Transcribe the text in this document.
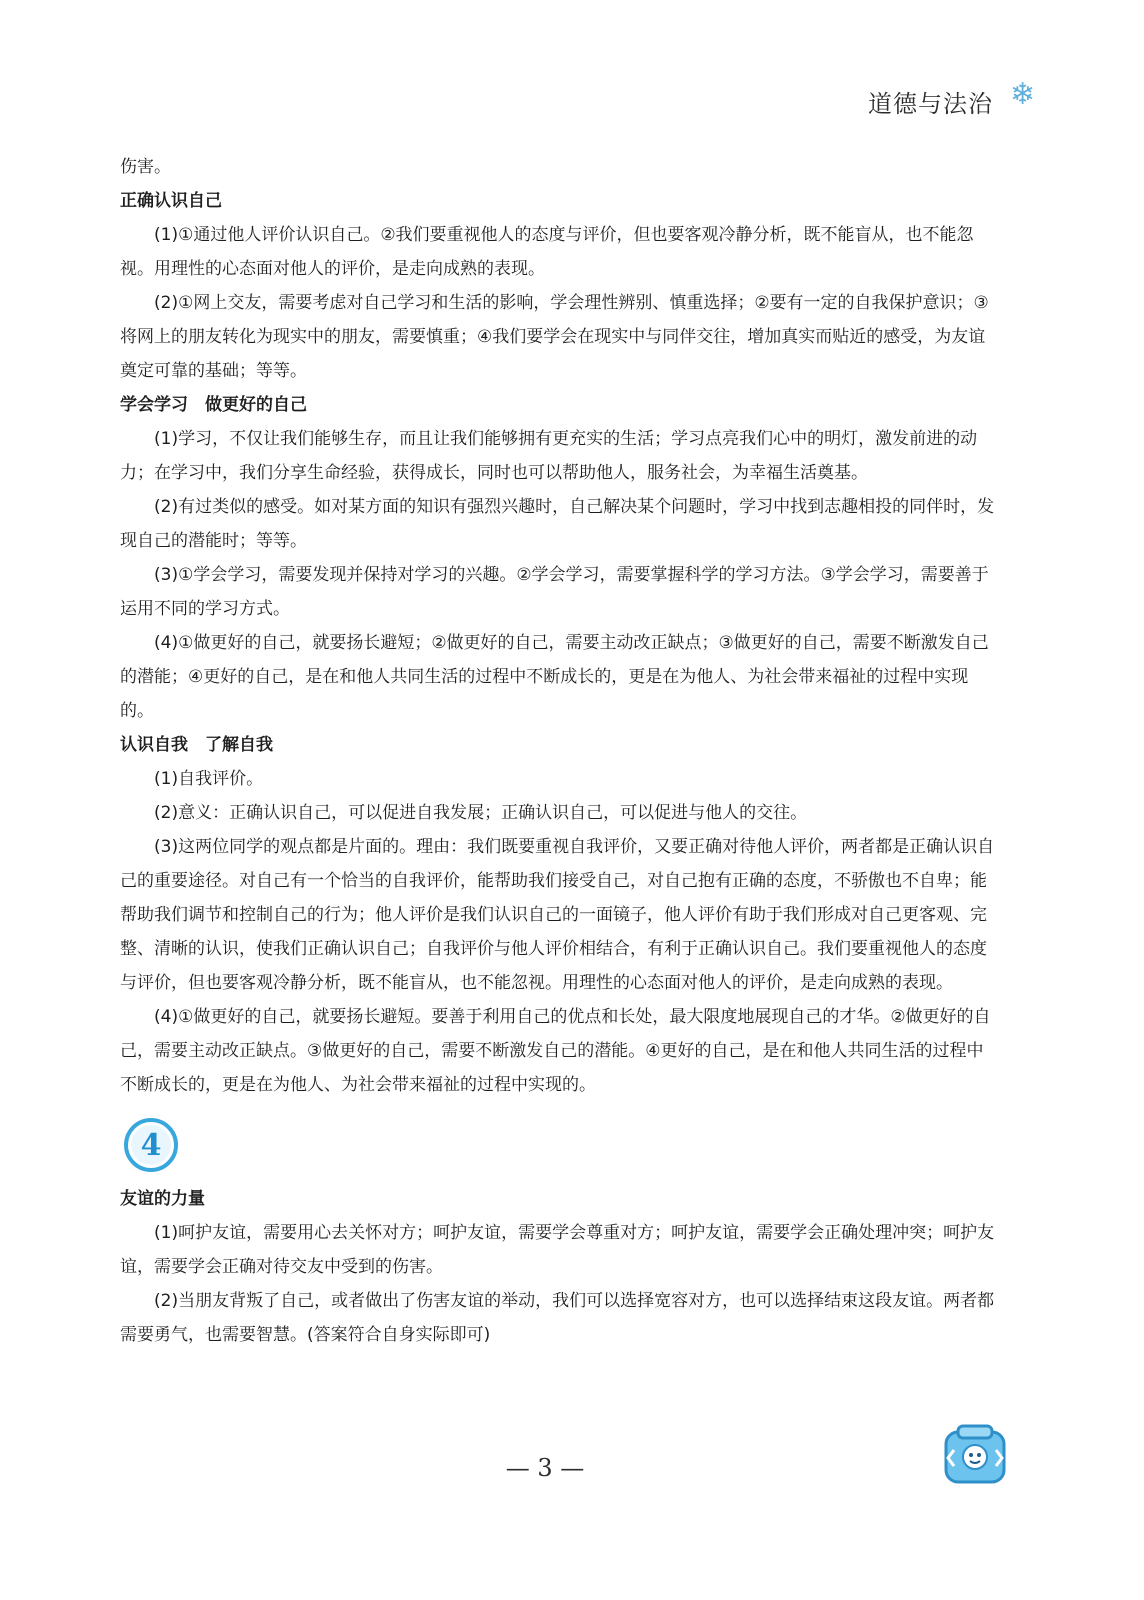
道德与法治 ❄

伤害。

正确认识自己

(1)①通过他人评价认识自己。②我们要重视他人的态度与评价，但也要客观冷静分析，既不能盲从，也不能忽视。用理性的心态面对他人的评价，是走向成熟的表现。

(2)①网上交友，需要考虑对自己学习和生活的影响，学会理性辨别、慎重选择；②要有一定的自我保护意识；③将网上的朋友转化为现实中的朋友，需要慎重；④我们要学会在现实中与同伴交往，增加真实而贴近的感受，为友谊奠定可靠的基础；等等。

学会学习　做更好的自己

(1)学习，不仅让我们能够生存，而且让我们能够拥有更充实的生活；学习点亮我们心中的明灯，激发前进的动力；在学习中，我们分享生命经验，获得成长，同时也可以帮助他人，服务社会，为幸福生活奠基。

(2)有过类似的感受。如对某方面的知识有强烈兴趣时，自己解决某个问题时，学习中找到志趣相投的同伴时，发现自己的潜能时；等等。

(3)①学会学习，需要发现并保持对学习的兴趣。②学会学习，需要掌握科学的学习方法。③学会学习，需要善于运用不同的学习方式。

(4)①做更好的自己，就要扬长避短；②做更好的自己，需要主动改正缺点；③做更好的自己，需要不断激发自己的潜能；④更好的自己，是在和他人共同生活的过程中不断成长的，更是在为他人、为社会带来福祉的过程中实现的。

认识自我　了解自我

(1)自我评价。

(2)意义：正确认识自己，可以促进自我发展；正确认识自己，可以促进与他人的交往。

(3)这两位同学的观点都是片面的。理由：我们既要重视自我评价，又要正确对待他人评价，两者都是正确认识自己的重要途径。对自己有一个恰当的自我评价，能帮助我们接受自己，对自己抱有正确的态度，不骄傲也不自卑；能帮助我们调节和控制自己的行为；他人评价是我们认识自己的一面镜子，他人评价有助于我们形成对自己更客观、完整、清晰的认识，使我们正确认识自己；自我评价与他人评价相结合，有利于正确认识自己。我们要重视他人的态度与评价，但也要客观冷静分析，既不能盲从，也不能忽视。用理性的心态面对他人的评价，是走向成熟的表现。

(4)①做更好的自己，就要扬长避短。要善于利用自己的优点和长处，最大限度地展现自己的才华。②做更好的自己，需要主动改正缺点。③做更好的自己，需要不断激发自己的潜能。④更好的自己，是在和他人共同生活的过程中不断成长的，更是在为他人、为社会带来福祉的过程中实现的。

4

友谊的力量

(1)呵护友谊，需要用心去关怀对方；呵护友谊，需要学会尊重对方；呵护友谊，需要学会正确处理冲突；呵护友谊，需要学会正确对待交友中受到的伤害。

(2)当朋友背叛了自己，或者做出了伤害友谊的举动，我们可以选择宽容对方，也可以选择结束这段友谊。两者都需要勇气，也需要智慧。(答案符合自身实际即可)

— 3 —
